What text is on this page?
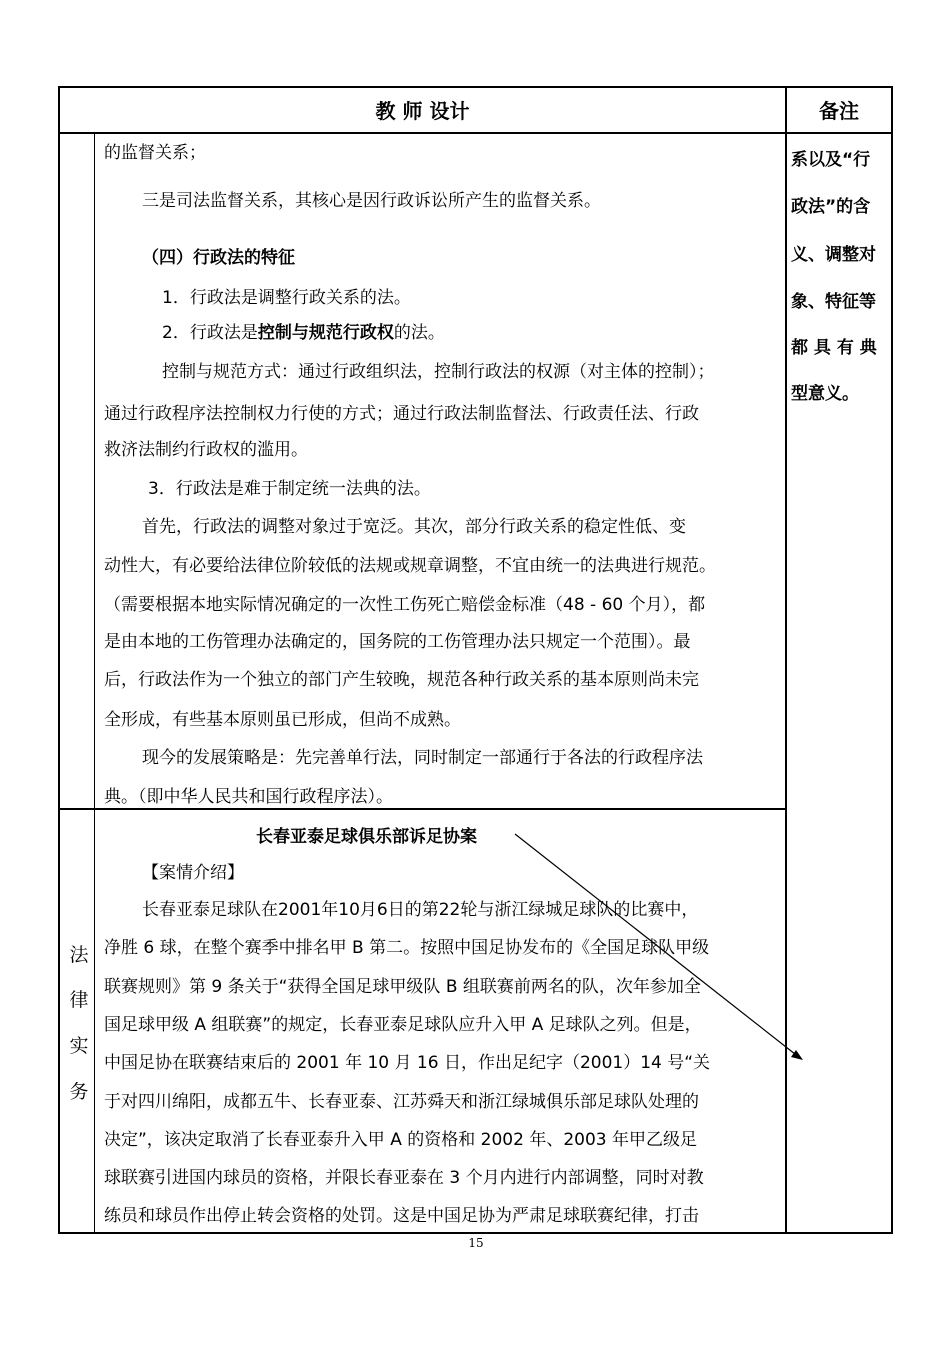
教 师 设计	备注
的监督关系；
三是司法监督关系，其核心是因行政诉讼所产生的监督关系。
（四）行政法的特征
1．行政法是调整行政关系的法。
2．行政法是控制与规范行政权的法。
控制与规范方式：通过行政组织法，控制行政法的权源（对主体的控制）；
通过行政程序法控制权力行使的方式；通过行政法制监督法、行政责任法、行政
救济法制约行政权的滥用。
3．行政法是难于制定统一法典的法。
首先，行政法的调整对象过于宽泛。其次，部分行政关系的稳定性低、变
动性大，有必要给法律位阶较低的法规或规章调整，不宜由统一的法典进行规范。
（需要根据本地实际情况确定的一次性工伤死亡赔偿金标准（48 - 60 个月），都
是由本地的工伤管理办法确定的，国务院的工伤管理办法只规定一个范围）。最
后，行政法作为一个独立的部门产生较晚，规范各种行政关系的基本原则尚未完
全形成，有些基本原则虽已形成，但尚不成熟。
现今的发展策略是：先完善单行法，同时制定一部通行于各法的行政程序法
典。（即中华人民共和国行政程序法）。
系以及“行
政法”的含
义、调整对
象、特征等
都 具 有 典
型意义。
法
律
实
务
长春亚泰足球俱乐部诉足协案
【案情介绍】
长春亚泰足球队在2001年10月6日的第22轮与浙江绿城足球队的比赛中，
净胜 6 球，在整个赛季中排名甲 B 第二。按照中国足协发布的《全国足球队甲级
联赛规则》第 9 条关于“获得全国足球甲级队 B 组联赛前两名的队，次年参加全
国足球甲级 A 组联赛”的规定，长春亚泰足球队应升入甲 A 足球队之列。但是，
中国足协在联赛结束后的 2001 年 10 月 16 日，作出足纪字（2001）14 号“关
于对四川绵阳，成都五牛、长春亚泰、江苏舜天和浙江绿城俱乐部足球队处理的
决定”，该决定取消了长春亚泰升入甲 A 的资格和 2002 年、2003 年甲乙级足
球联赛引进国内球员的资格，并限长春亚泰在 3 个月内进行内部调整，同时对教
练员和球员作出停止转会资格的处罚。这是中国足协为严肃足球联赛纪律，打击
15
